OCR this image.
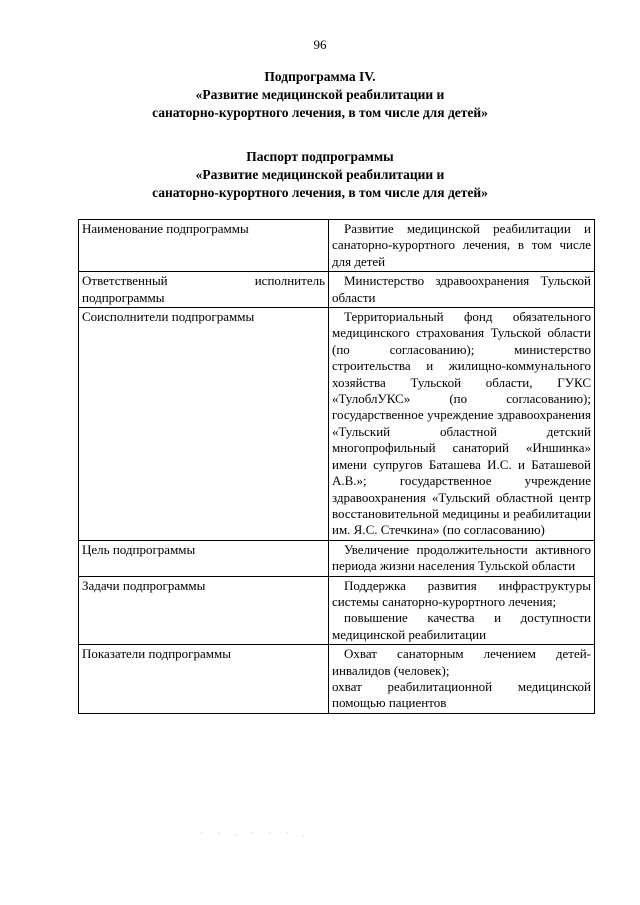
96
Подпрограмма IV.
«Развитие медицинской реабилитации и
санаторно-курортного лечения, в том числе для детей»
Паспорт подпрограммы
«Развитие медицинской реабилитации и
санаторно-курортного лечения, в том числе для детей»
Наименование подпрограммы	Развитие медицинской реабилитации и санаторно-курортного лечения, в том числе для детей

Ответственный исполнитель
подпрограммы	Министерство здравоохранения Тульской области

Соисполнители подпрограммы	Территориальный фонд обязательного медицинского страхования Тульской области (по согласованию); министерство строительства и жилищно-коммунального хозяйства Тульской области, ГУКС «ТулоблУКС» (по согласованию); государственное учреждение здравоохранения «Тульский областной детский многопрофильный санаторий «Иншинка» имени супругов Баташева И.С. и Баташевой А.В.»; государственное учреждение здравоохранения «Тульский областной центр восстановительной медицины и реабилитации им. Я.С. Стечкина» (по согласованию)

Цель подпрограммы	Увеличение продолжительности активного периода жизни населения Тульской области

Задачи подпрограммы	Поддержка развития инфраструктуры системы санаторно-курортного лечения;

повышение качества и доступности медицинской реабилитации

Показатели подпрограммы	Охват санаторным лечением детей-инвалидов (человек);

охват реабилитационной медицинской помощью пациентов

· · . · · · .
